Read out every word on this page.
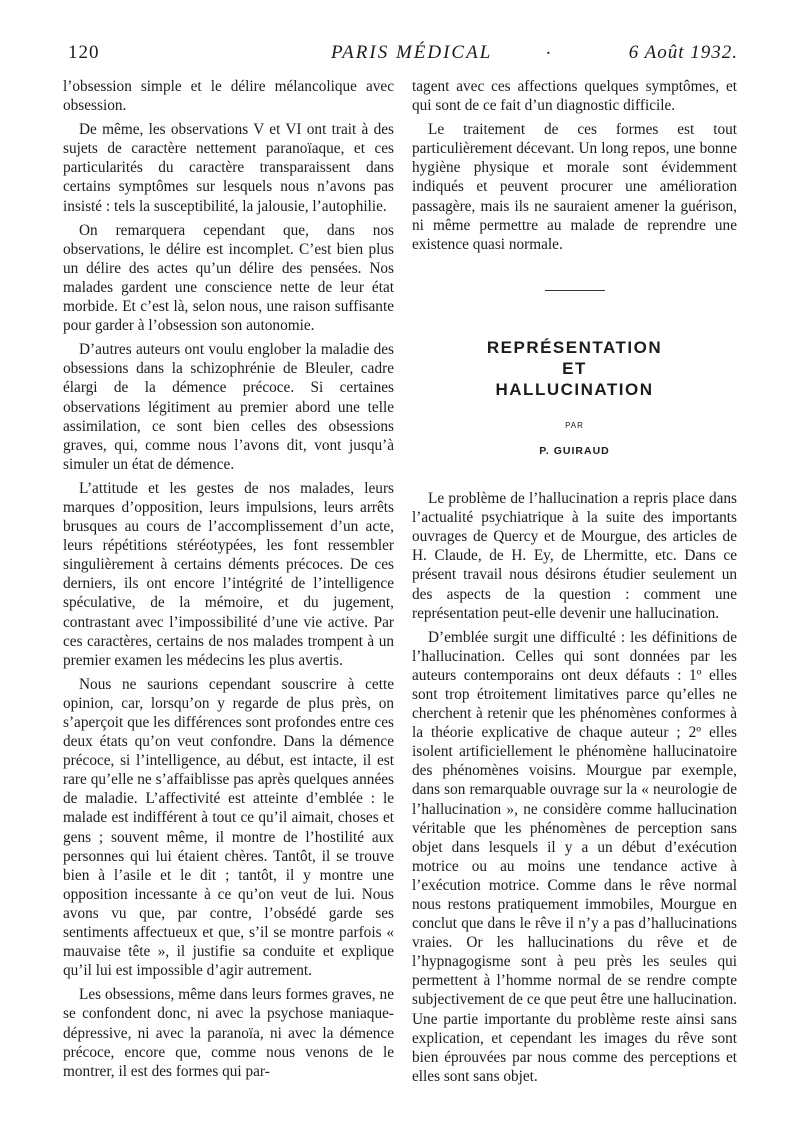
120	PARIS MÉDICAL	.	6 Août 1932.

l’obsession simple et le délire mélancolique avec obsession.

De même, les observations V et VI ont trait à des sujets de caractère nettement paranoïaque, et ces particularités du caractère transparaissent dans certains symptômes sur lesquels nous n’avons pas insisté : tels la susceptibilité, la jalousie, l’autophilie.

On remarquera cependant que, dans nos observations, le délire est incomplet. C’est bien plus un délire des actes qu’un délire des pensées. Nos malades gardent une conscience nette de leur état morbide. Et c’est là, selon nous, une raison suffisante pour garder à l’obsession son autonomie.

D’autres auteurs ont voulu englober la maladie des obsessions dans la schizophrénie de Bleuler, cadre élargi de la démence précoce. Si certaines observations légitiment au premier abord une telle assimilation, ce sont bien celles des obsessions graves, qui, comme nous l’avons dit, vont jusqu’à simuler un état de démence.

L’attitude et les gestes de nos malades, leurs marques d’opposition, leurs impulsions, leurs arrêts brusques au cours de l’accomplissement d’un acte, leurs répétitions stéréotypées, les font ressembler singulièrement à certains déments précoces. De ces derniers, ils ont encore l’intégrité de l’intelligence spéculative, de la mémoire, et du jugement, contrastant avec l’impossibilité d’une vie active. Par ces caractères, certains de nos malades trompent à un premier examen les médecins les plus avertis.

Nous ne saurions cependant souscrire à cette opinion, car, lorsqu’on y regarde de plus près, on s’aperçoit que les différences sont profondes entre ces deux états qu’on veut confondre. Dans la démence précoce, si l’intelligence, au début, est intacte, il est rare qu’elle ne s’affaiblisse pas après quelques années de maladie. L’affectivité est atteinte d’emblée : le malade est indifférent à tout ce qu’il aimait, choses et gens ; souvent même, il montre de l’hostilité aux personnes qui lui étaient chères. Tantôt, il se trouve bien à l’asile et le dit ; tantôt, il y montre une opposition incessante à ce qu’on veut de lui. Nous avons vu que, par contre, l’obsédé garde ses sentiments affectueux et que, s’il se montre parfois « mauvaise tête », il justifie sa conduite et explique qu’il lui est impossible d’agir autrement.

Les obsessions, même dans leurs formes graves, ne se confondent donc, ni avec la psychose maniaque-dépressive, ni avec la paranoïa, ni avec la démence précoce, encore que, comme nous venons de le montrer, il est des formes qui par-

tagent avec ces affections quelques symptômes, et qui sont de ce fait d’un diagnostic difficile.

Le traitement de ces formes est tout particulièrement décevant. Un long repos, une bonne hygiène physique et morale sont évidemment indiqués et peuvent procurer une amélioration passagère, mais ils ne sauraient amener la guérison, ni même permettre au malade de reprendre une existence quasi normale.

REPRÉSENTATION
ET
HALLUCINATION
PAR
P. GUIRAUD

Le problème de l’hallucination a repris place dans l’actualité psychiatrique à la suite des importants ouvrages de Quercy et de Mourgue, des articles de H. Claude, de H. Ey, de Lhermitte, etc. Dans ce présent travail nous désirons étudier seulement un des aspects de la question : comment une représentation peut-elle devenir une hallucination.

D’emblée surgit une difficulté : les définitions de l’hallucination. Celles qui sont données par les auteurs contemporains ont deux défauts : 1º elles sont trop étroitement limitatives parce qu’elles ne cherchent à retenir que les phénomènes conformes à la théorie explicative de chaque auteur ; 2º elles isolent artificiellement le phénomène hallucinatoire des phénomènes voisins. Mourgue par exemple, dans son remarquable ouvrage sur la « neurologie de l’hallucination », ne considère comme hallucination véritable que les phénomènes de perception sans objet dans lesquels il y a un début d’exécution motrice ou au moins une tendance active à l’exécution motrice. Comme dans le rêve normal nous restons pratiquement immobiles, Mourgue en conclut que dans le rêve il n’y a pas d’hallucinations vraies. Or les hallucinations du rêve et de l’hypnagogisme sont à peu près les seules qui permettent à l’homme normal de se rendre compte subjectivement de ce que peut être une hallucination. Une partie importante du problème reste ainsi sans explication, et cependant les images du rêve sont bien éprouvées par nous comme des perceptions et elles sont sans objet.
